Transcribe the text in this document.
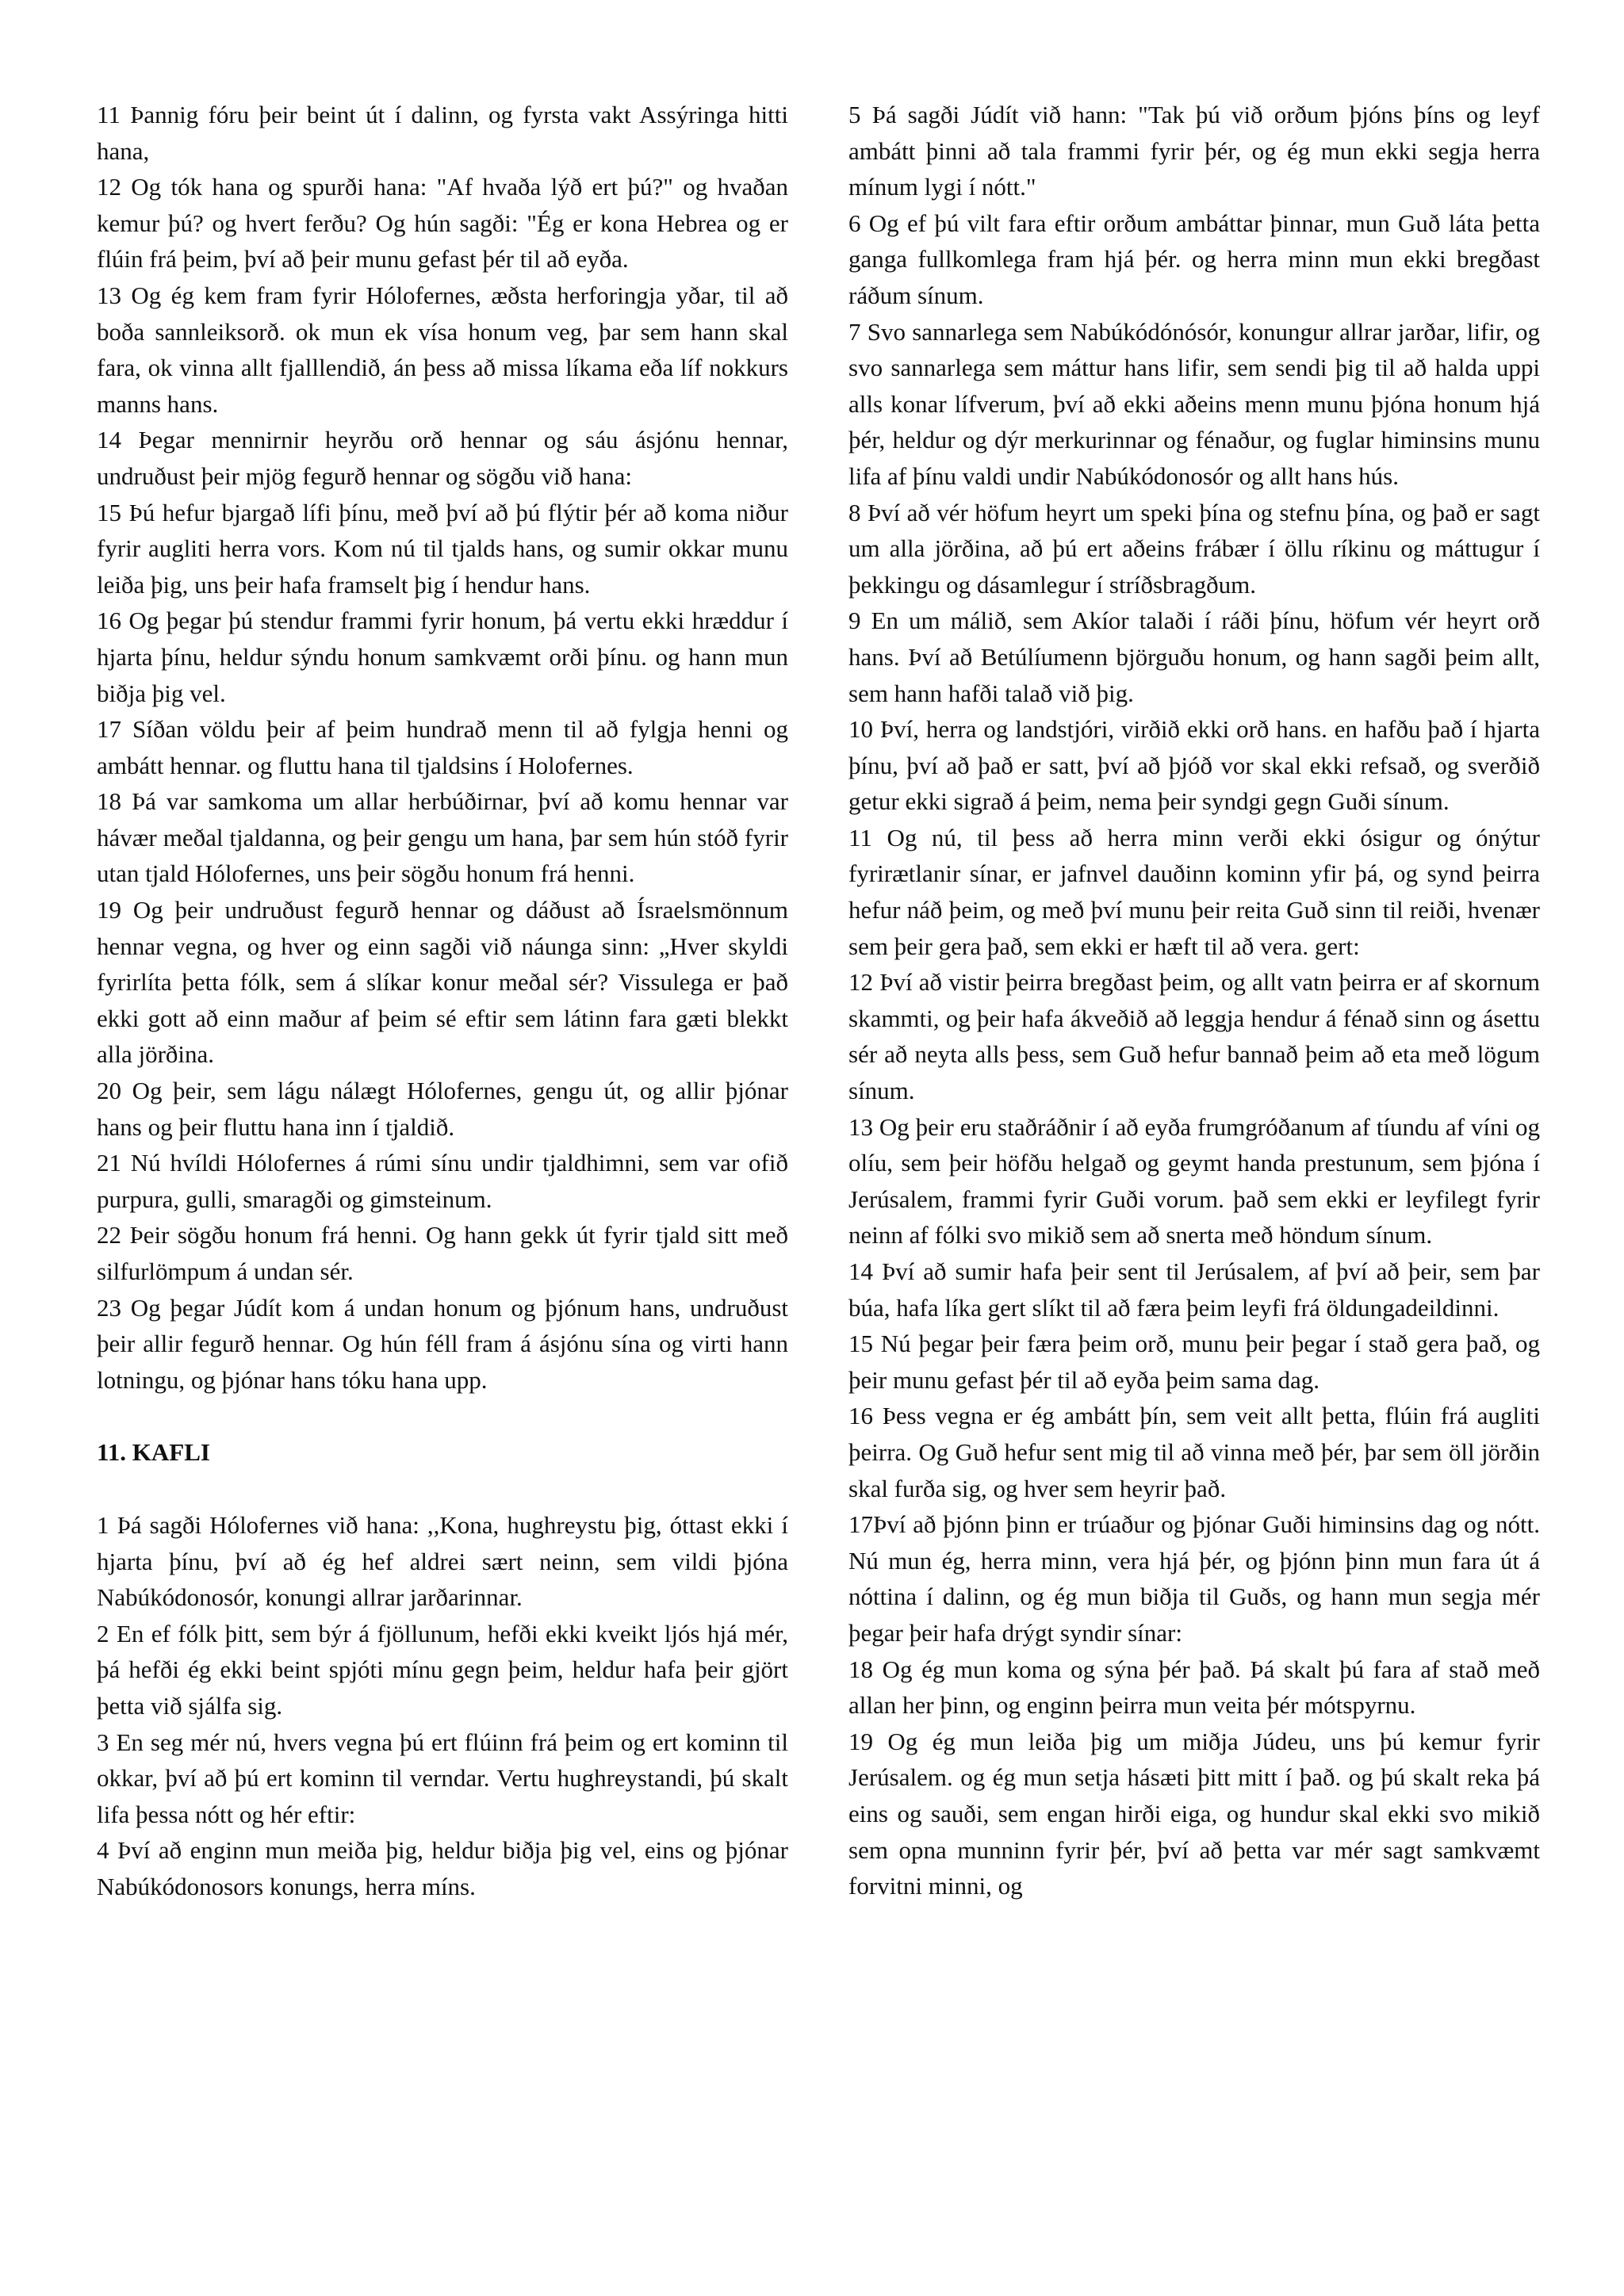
11 Þannig fóru þeir beint út í dalinn, og fyrsta vakt Assýringa hitti hana,

12 Og tók hana og spurði hana: "Af hvaða lýð ert þú?" og hvaðan kemur þú? og hvert ferðu? Og hún sagði: "Ég er kona Hebrea og er flúin frá þeim, því að þeir munu gefast þér til að eyða.

13 Og ég kem fram fyrir Hólofernes, æðsta herforingja yðar, til að boða sannleiksorð. ok mun ek vísa honum veg, þar sem hann skal fara, ok vinna allt fjalllendið, án þess að missa líkama eða líf nokkurs manns hans.

14 Þegar mennirnir heyrðu orð hennar og sáu ásjónu hennar, undruðust þeir mjög fegurð hennar og sögðu við hana:

15 Þú hefur bjargað lífi þínu, með því að þú flýtir þér að koma niður fyrir augliti herra vors. Kom nú til tjalds hans, og sumir okkar munu leiða þig, uns þeir hafa framselt þig í hendur hans.

16 Og þegar þú stendur frammi fyrir honum, þá vertu ekki hræddur í hjarta þínu, heldur sýndu honum samkvæmt orði þínu. og hann mun biðja þig vel.

17 Síðan völdu þeir af þeim hundrað menn til að fylgja henni og ambátt hennar. og fluttu hana til tjaldsins í Holofernes.

18 Þá var samkoma um allar herbúðirnar, því að komu hennar var hávær meðal tjaldanna, og þeir gengu um hana, þar sem hún stóð fyrir utan tjald Hólofernes, uns þeir sögðu honum frá henni.

19 Og þeir undruðust fegurð hennar og dáðust að Ísraelsmönnum hennar vegna, og hver og einn sagði við náunga sinn: „Hver skyldi fyrirlíta þetta fólk, sem á slíkar konur meðal sér? Vissulega er það ekki gott að einn maður af þeim sé eftir sem látinn fara gæti blekkt alla jörðina.

20 Og þeir, sem lágu nálægt Hólofernes, gengu út, og allir þjónar hans og þeir fluttu hana inn í tjaldið.

21 Nú hvíldi Hólofernes á rúmi sínu undir tjaldhimni, sem var ofið purpura, gulli, smaragði og gimsteinum.

22 Þeir sögðu honum frá henni. Og hann gekk út fyrir tjald sitt með silfurlömpum á undan sér.

23 Og þegar Júdít kom á undan honum og þjónum hans, undruðust þeir allir fegurð hennar. Og hún féll fram á ásjónu sína og virti hann lotningu, og þjónar hans tóku hana upp.

11. KAFLI

1 Þá sagði Hólofernes við hana: ,,Kona, hughreystu þig, óttast ekki í hjarta þínu, því að ég hef aldrei sært neinn, sem vildi þjóna Nabúkódonosór, konungi allrar jarðarinnar.

2 En ef fólk þitt, sem býr á fjöllunum, hefði ekki kveikt ljós hjá mér, þá hefði ég ekki beint spjóti mínu gegn þeim, heldur hafa þeir gjört þetta við sjálfa sig.

3 En seg mér nú, hvers vegna þú ert flúinn frá þeim og ert kominn til okkar, því að þú ert kominn til verndar. Vertu hughreystandi, þú skalt lifa þessa nótt og hér eftir:

4 Því að enginn mun meiða þig, heldur biðja þig vel, eins og þjónar Nabúkódonosors konungs, herra míns.

5 Þá sagði Júdít við hann: "Tak þú við orðum þjóns þíns og leyf ambátt þinni að tala frammi fyrir þér, og ég mun ekki segja herra mínum lygi í nótt."

6 Og ef þú vilt fara eftir orðum ambáttar þinnar, mun Guð láta þetta ganga fullkomlega fram hjá þér. og herra minn mun ekki bregðast ráðum sínum.

7 Svo sannarlega sem Nabúkódónósór, konungur allrar jarðar, lifir, og svo sannarlega sem máttur hans lifir, sem sendi þig til að halda uppi alls konar lífverum, því að ekki aðeins menn munu þjóna honum hjá þér, heldur og dýr merkurinnar og fénaður, og fuglar himinsins munu lifa af þínu valdi undir Nabúkódonosór og allt hans hús.

8 Því að vér höfum heyrt um speki þína og stefnu þína, og það er sagt um alla jörðina, að þú ert aðeins frábær í öllu ríkinu og máttugur í þekkingu og dásamlegur í stríðsbragðum.

9 En um málið, sem Akíor talaði í ráði þínu, höfum vér heyrt orð hans. Því að Betúlíumenn björguðu honum, og hann sagði þeim allt, sem hann hafði talað við þig.

10 Því, herra og landstjóri, virðið ekki orð hans. en hafðu það í hjarta þínu, því að það er satt, því að þjóð vor skal ekki refsað, og sverðið getur ekki sigrað á þeim, nema þeir syndgi gegn Guði sínum.

11 Og nú, til þess að herra minn verði ekki ósigur og ónýtur fyrirætlanir sínar, er jafnvel dauðinn kominn yfir þá, og synd þeirra hefur náð þeim, og með því munu þeir reita Guð sinn til reiði, hvenær sem þeir gera það, sem ekki er hæft til að vera. gert:

12 Því að vistir þeirra bregðast þeim, og allt vatn þeirra er af skornum skammti, og þeir hafa ákveðið að leggja hendur á fénað sinn og ásettu sér að neyta alls þess, sem Guð hefur bannað þeim að eta með lögum sínum.

13 Og þeir eru staðráðnir í að eyða frumgróðanum af tíundu af víni og olíu, sem þeir höfðu helgað og geymt handa prestunum, sem þjóna í Jerúsalem, frammi fyrir Guði vorum. það sem ekki er leyfilegt fyrir neinn af fólki svo mikið sem að snerta með höndum sínum.

14 Því að sumir hafa þeir sent til Jerúsalem, af því að þeir, sem þar búa, hafa líka gert slíkt til að færa þeim leyfi frá öldungadeildinni.

15 Nú þegar þeir færa þeim orð, munu þeir þegar í stað gera það, og þeir munu gefast þér til að eyða þeim sama dag.

16 Þess vegna er ég ambátt þín, sem veit allt þetta, flúin frá augliti þeirra. Og Guð hefur sent mig til að vinna með þér, þar sem öll jörðin skal furða sig, og hver sem heyrir það.

17Því að þjónn þinn er trúaður og þjónar Guði himinsins dag og nótt. Nú mun ég, herra minn, vera hjá þér, og þjónn þinn mun fara út á nóttina í dalinn, og ég mun biðja til Guðs, og hann mun segja mér þegar þeir hafa drýgt syndir sínar:

18 Og ég mun koma og sýna þér það. Þá skalt þú fara af stað með allan her þinn, og enginn þeirra mun veita þér mótspyrnu.

19 Og ég mun leiða þig um miðja Júdeu, uns þú kemur fyrir Jerúsalem. og ég mun setja hásæti þitt mitt í það. og þú skalt reka þá eins og sauði, sem engan hirði eiga, og hundur skal ekki svo mikið sem opna munninn fyrir þér, því að þetta var mér sagt samkvæmt forvitni minni, og
